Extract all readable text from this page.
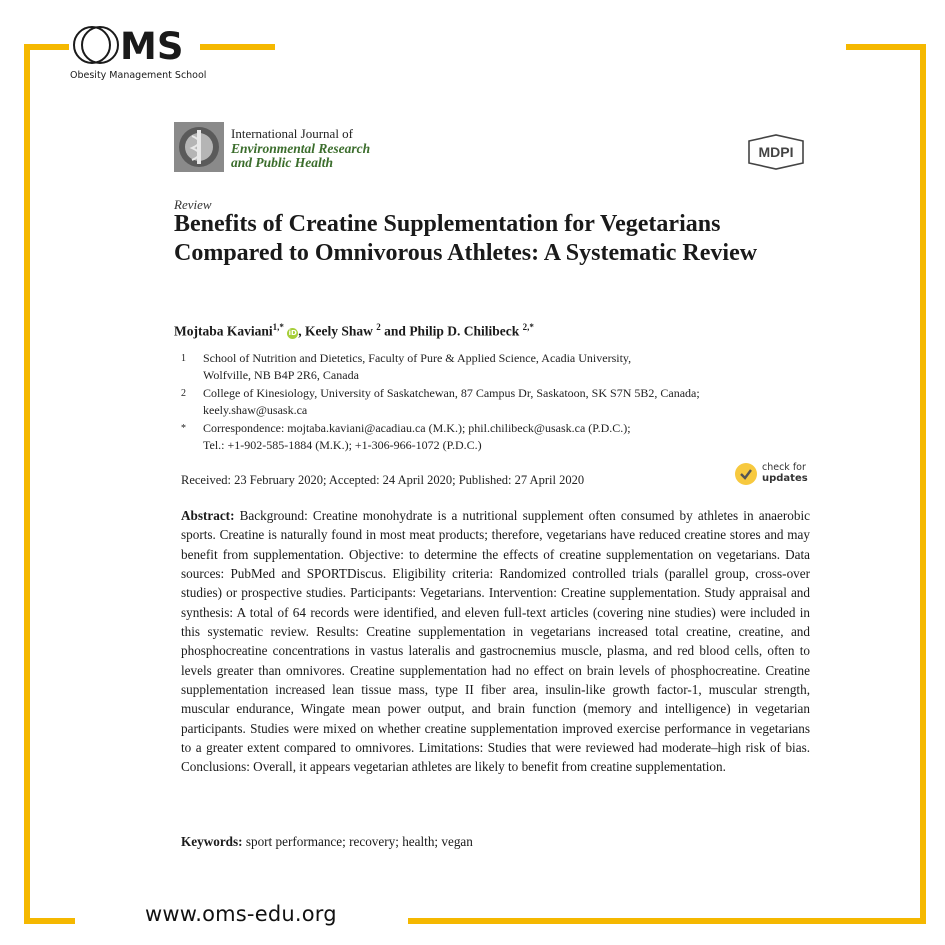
MS
Obesity Management School
International Journal of
Environmental Research
and Public Health
MDPI
Review
Benefits of Creatine Supplementation for Vegetarians Compared to Omnivorous Athletes: A Systematic Review
Mojtaba Kaviani$^{1,*}$ iD, Keely Shaw $^2$ and Philip D. Chilibeck $^{2,*}$
1 School of Nutrition and Dietetics, Faculty of Pure & Applied Science, Acadia University,
Wolfville, NB B4P 2R6, Canada
2 College of Kinesiology, University of Saskatchewan, 87 Campus Dr, Saskatoon, SK S7N 5B2, Canada;
keely.shaw@usask.ca
* Correspondence: mojtaba.kaviani@acadiau.ca (M.K.); phil.chilibeck@usask.ca (P.D.C.);
Tel.: +1-902-585-1884 (M.K.); +1-306-966-1072 (P.D.C.)
Received: 23 February 2020; Accepted: 24 April 2020; Published: 27 April 2020
check for
updates
Abstract: Background: Creatine monohydrate is a nutritional supplement often consumed by athletes in anaerobic sports. Creatine is naturally found in most meat products; therefore, vegetarians have reduced creatine stores and may benefit from supplementation. Objective: to determine the effects of creatine supplementation on vegetarians. Data sources: PubMed and SPORTDiscus. Eligibility criteria: Randomized controlled trials (parallel group, cross-over studies) or prospective studies. Participants: Vegetarians. Intervention: Creatine supplementation. Study appraisal and synthesis: A total of 64 records were identified, and eleven full-text articles (covering nine studies) were included in this systematic review. Results: Creatine supplementation in vegetarians increased total creatine, creatine, and phosphocreatine concentrations in vastus lateralis and gastrocnemius muscle, plasma, and red blood cells, often to levels greater than omnivores. Creatine supplementation had no effect on brain levels of phosphocreatine. Creatine supplementation increased lean tissue mass, type II fiber area, insulin-like growth factor-1, muscular strength, muscular endurance, Wingate mean power output, and brain function (memory and intelligence) in vegetarian participants. Studies were mixed on whether creatine supplementation improved exercise performance in vegetarians to a greater extent compared to omnivores. Limitations: Studies that were reviewed had moderate–high risk of bias. Conclusions: Overall, it appears vegetarian athletes are likely to benefit from creatine supplementation.
Keywords: sport performance; recovery; health; vegan
www.oms-edu.org
